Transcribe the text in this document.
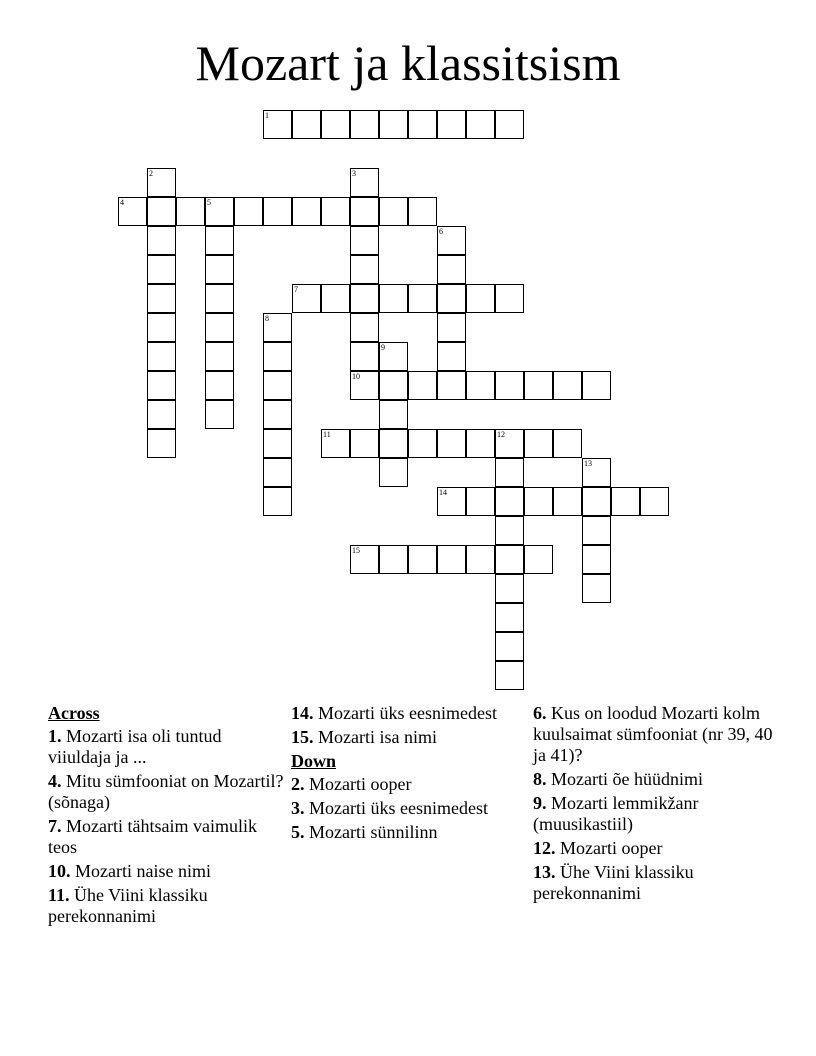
Mozart ja klassitsism
1
2	3
4	5
6
7
8
9
10
11	12
13
14
15
Across
1. Mozarti isa oli tuntud viiuldaja ja ...
4. Mitu sümfooniat on Mozartil? (sõnaga)
7. Mozarti tähtsaim vaimulik teos
10. Mozarti naise nimi
11. Ühe Viini klassiku perekonnanimi
14. Mozarti üks eesnimedest
15. Mozarti isa nimi
Down
2. Mozarti ooper
3. Mozarti üks eesnimedest
5. Mozarti sünnilinn
6. Kus on loodud Mozarti kolm kuulsaimat sümfooniat (nr 39, 40 ja 41)?
8. Mozarti õe hüüdnimi
9. Mozarti lemmikžanr (muusikastiil)
12. Mozarti ooper
13. Ühe Viini klassiku perekonnanimi
